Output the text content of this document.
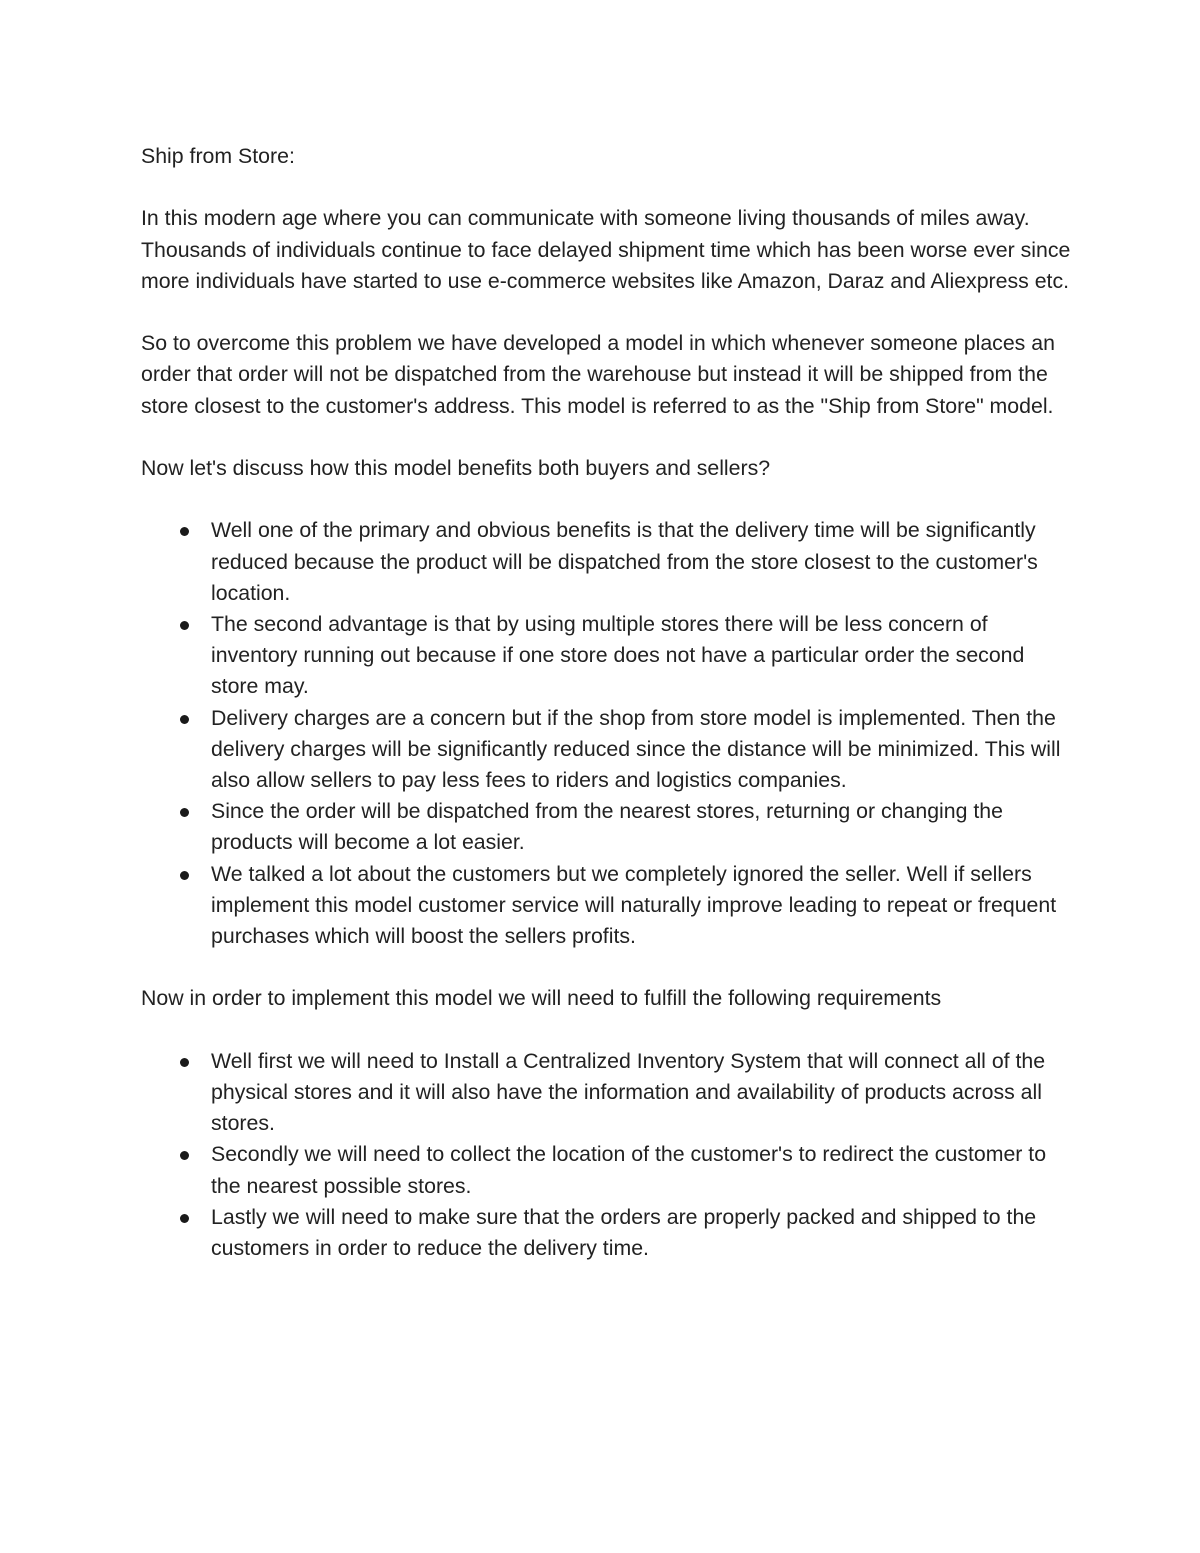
Ship from Store:

In this modern age where you can communicate with someone living thousands of miles away. Thousands of individuals continue to face delayed shipment time which has been worse ever since more individuals have started to use e-commerce websites like Amazon, Daraz and Aliexpress etc.

So to overcome this problem we have developed a model in which whenever someone places an order that order will not be dispatched from the warehouse but instead it will be shipped from the store closest to the customer's address. This model is referred to as the "Ship from Store" model.

Now let's discuss how this model benefits both buyers and sellers?

Well one of the primary and obvious benefits is that the delivery time will be significantly reduced because the product will be dispatched from the store closest to the customer's location.
The second advantage is that by using multiple stores there will be less concern of inventory running out because if one store does not have a particular order the second store may.
Delivery charges are a concern but if the shop from store model is implemented. Then the delivery charges will be significantly reduced since the distance will be minimized. This will also allow sellers to pay less fees to riders and logistics companies.
Since the order will be dispatched from the nearest stores, returning or changing the products will become a lot easier.
We talked a lot about the customers but we completely ignored the seller. Well if sellers implement this model customer service will naturally improve leading to repeat or frequent purchases which will boost the sellers profits.

Now in order to implement this model we will need to fulfill the following requirements

Well first we will need to Install a Centralized Inventory System that will connect all of the physical stores and it will also have the information and availability of products across all stores.
Secondly we will need to collect the location of the customer's to redirect the customer to the nearest possible stores.
Lastly we will need to make sure that the orders are properly packed and shipped to the customers in order to reduce the delivery time.
